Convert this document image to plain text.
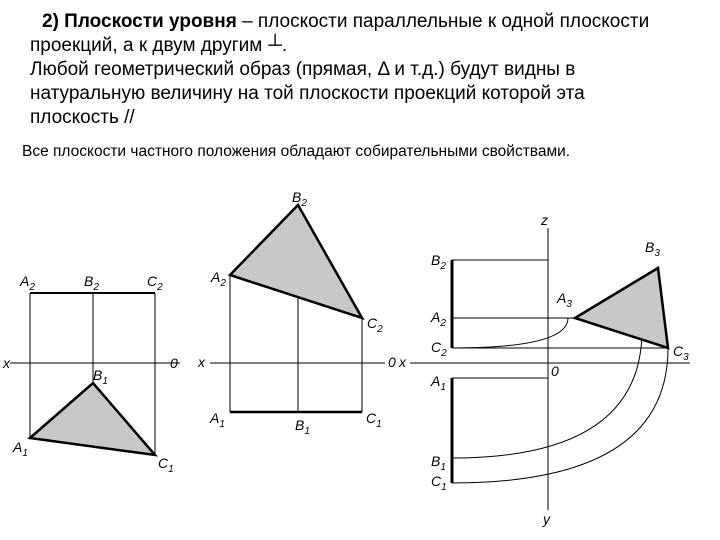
2) Плоскости уровня – плоскости параллельные к одной плоскости

проекций, а к двум другим ┴.

Любой геометрический образ (прямая, Δ и т.д.) будут видны в

натуральную величину на той плоскости проекций которой эта

плоскость //

Все плоскости частного положения обладают собирательными свойствами.

$A_2$	$B_2$	$C_2$
x	0
$B_1$
$A_1$
$C_1$
$B_2$
$A_2$
$C_2$
x	0
$A_1$	$B_1$
$C_1$
z
y
x
0
$B_2$
$A_2$
$C_2$
$A_1$
$B_1$
$C_1$
$A_3$
$B_3$
$C_3$
